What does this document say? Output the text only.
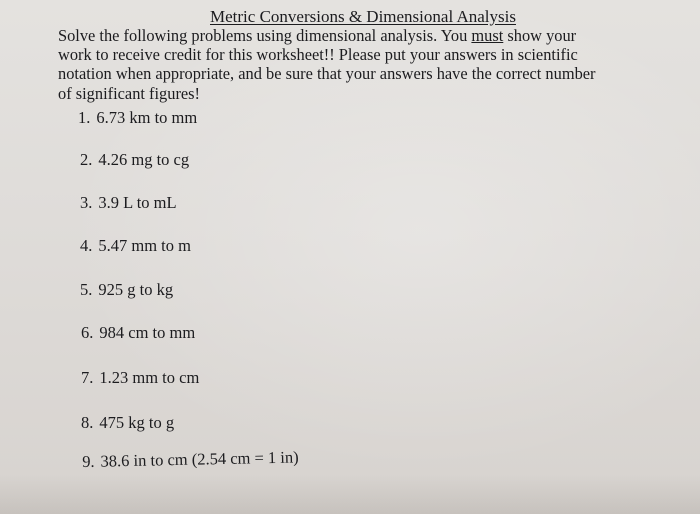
Metric Conversions & Dimensional Analysis
Solve the following problems using dimensional analysis. You must show your
work to receive credit for this worksheet!! Please put your answers in scientific
notation when appropriate, and be sure that your answers have the correct number
of significant figures!
1. 6.73 km to mm
2. 4.26 mg to cg
3. 3.9 L to mL
4. 5.47 mm to m
5. 925 g to kg
6. 984 cm to mm
7. 1.23 mm to cm
8. 475 kg to g
9. 38.6 in to cm (2.54 cm = 1 in)
